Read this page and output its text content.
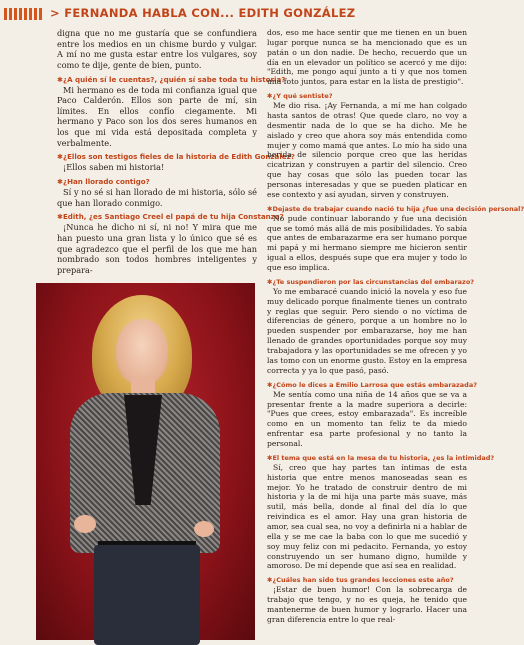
> FERNANDA HABLA CON... EDITH GONZÁLEZ

digna que no me gustaría que se confundiera entre los medios en un chisme burdo y vulgar. A mí no me gusta estar entre los vulgares, soy como te dije, gente de bien, punto.

✱¿A quién sí le cuentas?, ¿quién sí sabe toda tu historia?

Mi hermano es de toda mi confianza igual que Paco Calderón. Ellos son parte de mí, sin límites. En ellos confío ciegamente. Mi hermano y Paco son los dos seres humanos en los que mi vida está depositada completa y verbalmente.

✱¿Ellos son testigos fieles de la historia de Edith González?

¡Ellos saben mi historia!

✱¿Han llorado contigo?

Sí y no sé si han llorado de mi historia, sólo sé que han llorado conmigo.

✱Edith, ¿es Santiago Creel el papá de tu hija Constanza?

¡Nunca he dicho ni sí, ni no! Y mira que me han puesto una gran lista y lo único que sé es que agradezco que el perfil de los que me han nombrado son todos hombres inteligentes y prepara-

dos, eso me hace sentir que me tienen en un buen lugar porque nunca se ha mencionado que es un patán o un don nadie. De hecho, recuerdo que un día en un elevador un político se acercó y me dijo: "Edith, me pongo aquí junto a ti y que nos tomen una foto juntos, para estar en la lista de prestigio".

✱¿Y qué sentiste?

Me dio risa. ¡Ay Fernanda, a mí me han colgado hasta santos de otras! Que quede claro, no voy a desmentir nada de lo que se ha dicho. Me he aislado y creo que ahora soy más entendida como mujer y como mamá que antes. Lo mío ha sido una herida de silencio porque creo que las heridas cicatrizan y construyen a partir del silencio. Creo que hay cosas que sólo las pueden tocar las personas interesadas y que se pueden platicar en ese contexto y así ayudan, sirven y construyen.

✱Dejaste de trabajar cuando nació tu hija ¿fue una decisión personal?

No pude continuar laborando y fue una decisión que se tomó más allá de mis posibilidades. Yo sabía que antes de embarazarme era ser humano porque mi papá y mi hermano siempre me hicieron sentir igual a ellos, después supe que era mujer y todo lo que eso implica.

✱¿Te suspendieron por las circunstancias del embarazo?

Yo me embaracé cuando inició la novela y eso fue muy delicado porque finalmente tienes un contrato y reglas que seguir. Pero siendo o no víctima de diferencias de género, porque a un hombre no lo pueden suspender por embarazarse, hoy me han llenado de grandes oportunidades porque soy muy trabajadora y las oportunidades se me ofrecen y yo las tomo con un enorme gusto. Estoy en la empresa correcta y ya lo que pasó, pasó.

✱¿Cómo le dices a Emilio Larrosa que estás embarazada?

Me sentía como una niña de 14 años que se va a presentar frente a la madre superiora a decirle: "Pues que crees, estoy embarazada". Es increíble como en un momento tan feliz te da miedo enfrentar esa parte profesional y no tanto la personal.

✱El tema que está en la mesa de tu historia, ¿es la intimidad?

Sí, creo que hay partes tan íntimas de esta historia que entre menos manoseadas sean es mejor. Yo he tratado de construir dentro de mi historia y la de mi hija una parte más suave, más sutil, más bella, donde al final del día lo que reivindica es el amor. Hay una gran historia de amor, sea cual sea, no voy a definirla ni a hablar de ella y se me cae la baba con lo que me sucedió y soy muy feliz con mi pedacito. Fernanda, yo estoy construyendo un ser humano digno, humilde y amoroso. De mí depende que así sea en realidad.

✱¿Cuáles han sido tus grandes lecciones este año?

¡Estar de buen humor! Con la sobrecarga de trabajo que tengo, y no es queja, he tenido que mantenerme de buen humor y lograrlo. Hacer una gran diferencia entre lo que real-
